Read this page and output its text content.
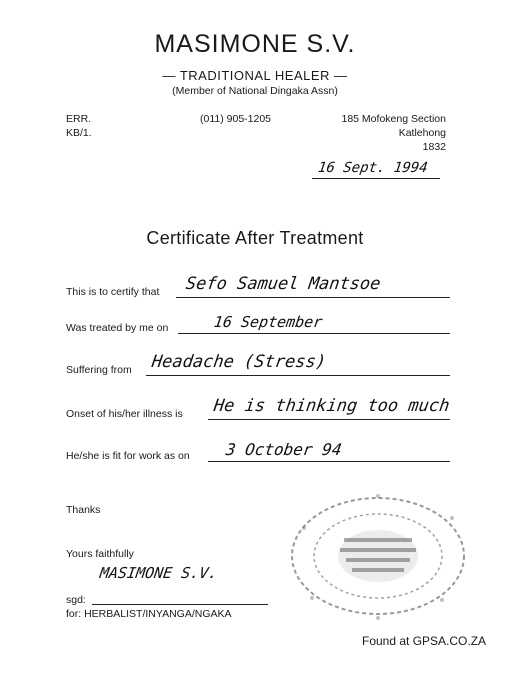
MASIMONE S.V.
— TRADITIONAL HEALER —
(Member of National Dingaka Assn)
ERR.
KB/1.
(011) 905-1205	185 Mofokeng Section
Katlehong
1832
16 Sept. 1994
Certificate After Treatment
This is to certify that Sefo Samuel Mantsoe
Was treated by me on	16 September
Suffering from Headache (Stress)
Onset of his/her illness is He is thinking too much
He/she is fit for work as on 3 October 94
Thanks
Yours faithfully
MASIMONE S.V.
sgd:
for: HERBALIST/INYANGA/NGAKA
Found at GPSA.CO.ZA
